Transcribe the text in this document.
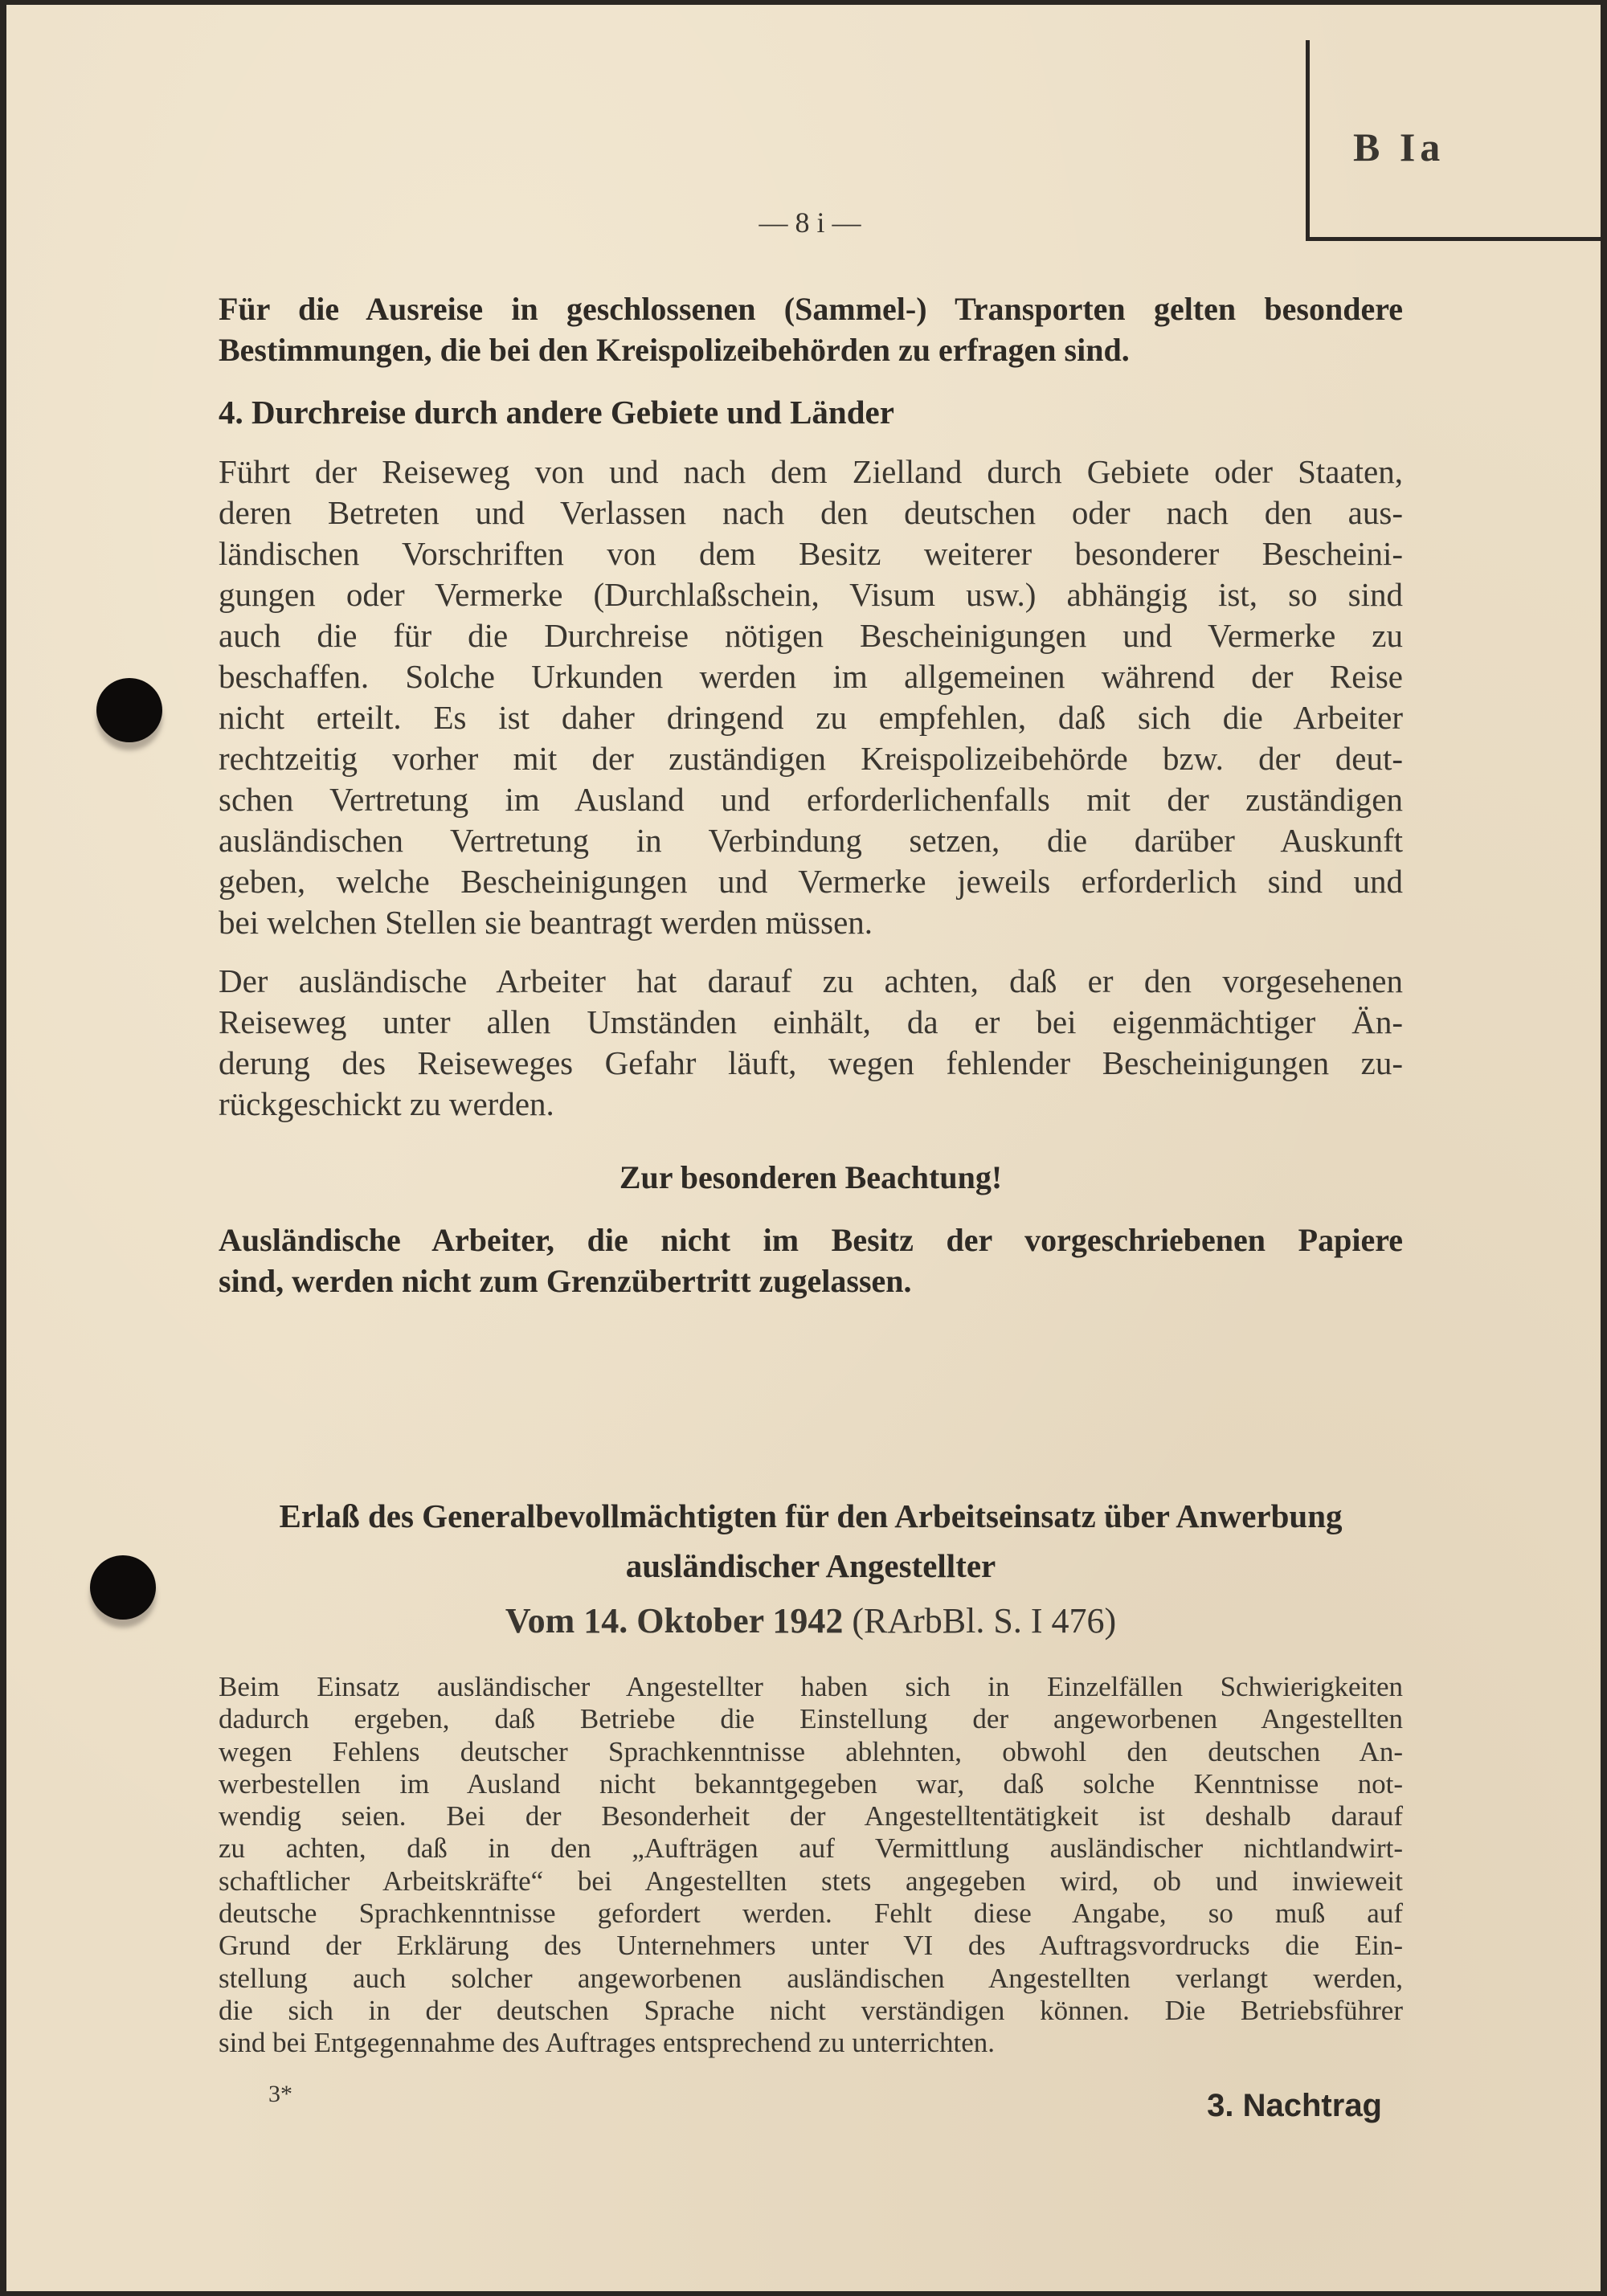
B Ia
— 8 i —
Für die Ausreise in geschlossenen (Sammel-) Transporten gelten besondere
Bestimmungen, die bei den Kreispolizeibehörden zu erfragen sind.
4. Durchreise durch andere Gebiete und Länder
Führt der Reiseweg von und nach dem Zielland durch Gebiete oder Staaten,
deren Betreten und Verlassen nach den deutschen oder nach den aus-
ländischen Vorschriften von dem Besitz weiterer besonderer Bescheini-
gungen oder Vermerke (Durchlaßschein, Visum usw.) abhängig ist, so sind
auch die für die Durchreise nötigen Bescheinigungen und Vermerke zu
beschaffen. Solche Urkunden werden im allgemeinen während der Reise
nicht erteilt. Es ist daher dringend zu empfehlen, daß sich die Arbeiter
rechtzeitig vorher mit der zuständigen Kreispolizeibehörde bzw. der deut-
schen Vertretung im Ausland und erforderlichenfalls mit der zuständigen
ausländischen Vertretung in Verbindung setzen, die darüber Auskunft
geben, welche Bescheinigungen und Vermerke jeweils erforderlich sind und
bei welchen Stellen sie beantragt werden müssen.
Der ausländische Arbeiter hat darauf zu achten, daß er den vorgesehenen
Reiseweg unter allen Umständen einhält, da er bei eigenmächtiger Än-
derung des Reiseweges Gefahr läuft, wegen fehlender Bescheinigungen zu-
rückgeschickt zu werden.
Zur besonderen Beachtung!
Ausländische Arbeiter, die nicht im Besitz der vorgeschriebenen Papiere
sind, werden nicht zum Grenzübertritt zugelassen.
Erlaß des Generalbevollmächtigten für den Arbeitseinsatz über Anwerbung
ausländischer Angestellter
Vom 14. Oktober 1942 (RArbBl. S. I 476)
Beim Einsatz ausländischer Angestellter haben sich in Einzelfällen Schwierigkeiten
dadurch ergeben, daß Betriebe die Einstellung der angeworbenen Angestellten
wegen Fehlens deutscher Sprachkenntnisse ablehnten, obwohl den deutschen An-
werbestellen im Ausland nicht bekanntgegeben war, daß solche Kenntnisse not-
wendig seien. Bei der Besonderheit der Angestelltentätigkeit ist deshalb darauf
zu achten, daß in den „Aufträgen auf Vermittlung ausländischer nichtlandwirt-
schaftlicher Arbeitskräfte“ bei Angestellten stets angegeben wird, ob und inwieweit
deutsche Sprachkenntnisse gefordert werden. Fehlt diese Angabe, so muß auf
Grund der Erklärung des Unternehmers unter VI des Auftragsvordrucks die Ein-
stellung auch solcher angeworbenen ausländischen Angestellten verlangt werden,
die sich in der deutschen Sprache nicht verständigen können. Die Betriebsführer
sind bei Entgegennahme des Auftrages entsprechend zu unterrichten.
3*	3. Nachtrag
